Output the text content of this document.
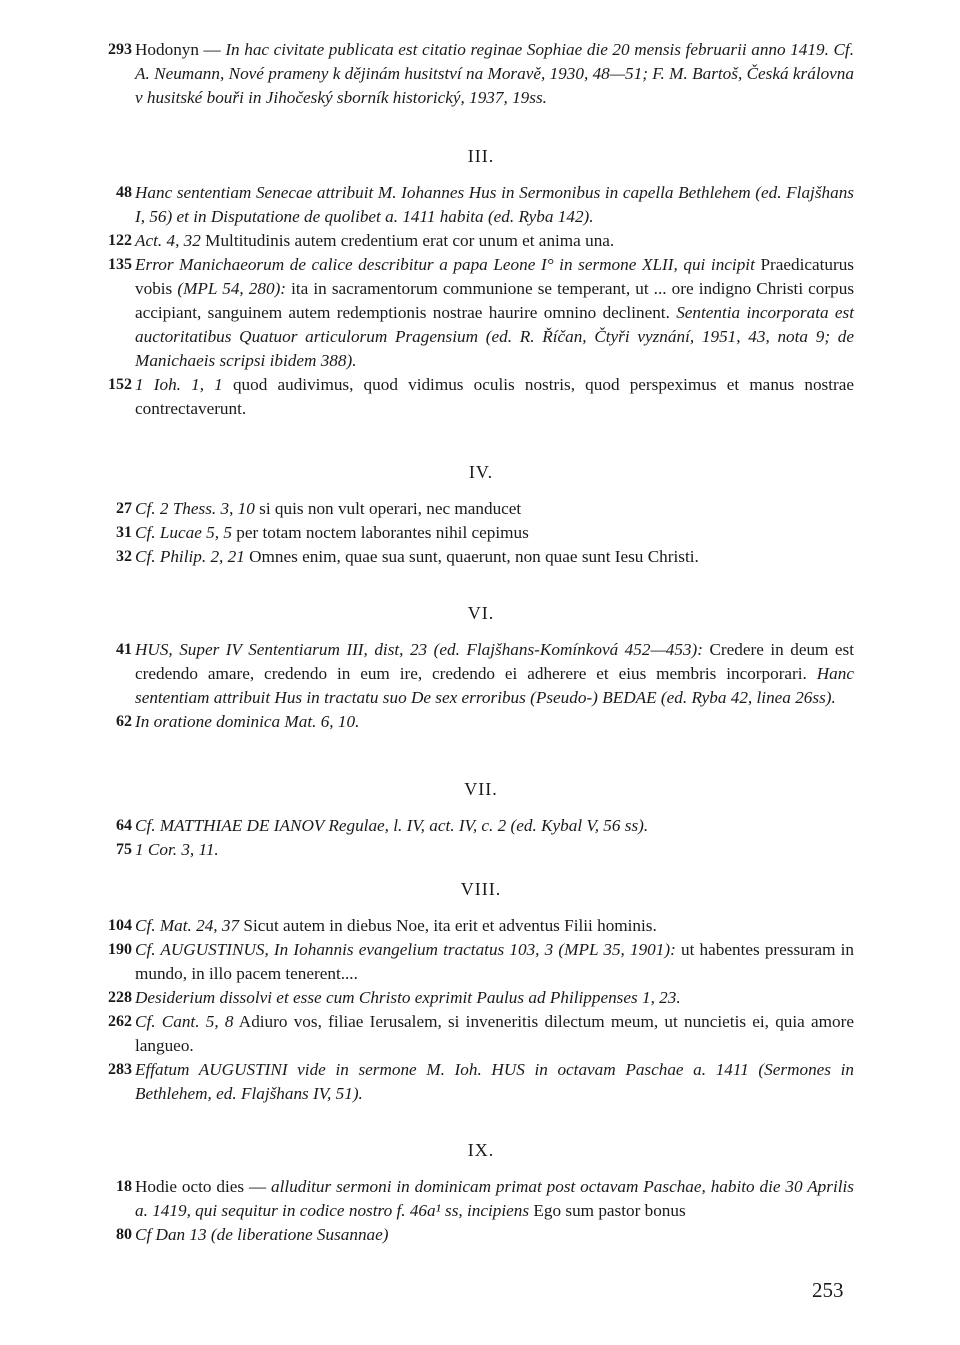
293 Hodonyn — In hac civitate publicata est citatio reginae Sophiae die 20 mensis februarii anno 1419. Cf. A. Neumann, Nové prameny k dějinám husitství na Moravě, 1930, 48—51; F. M. Bartoš, Česká královna v husitské bouři in Jihočeský sborník historický, 1937, 19ss.

III.

48 Hanc sententiam Senecae attribuit M. Iohannes Hus in Sermonibus in capella Bethlehem (ed. Flajšhans I, 56) et in Disputatione de quolibet a. 1411 habita (ed. Ryba 142).

122 Act. 4, 32 Multitudinis autem credentium erat cor unum et anima una.

135 Error Manichaeorum de calice describitur a papa Leone I° in sermone XLII, qui incipit Praedicaturus vobis (MPL 54, 280): ita in sacramentorum communione se temperant, ut ... ore indigno Christi corpus accipiant, sanguinem autem redemptionis nostrae haurire omnino declinent. Sententia incorporata est auctoritatibus Quatuor articulorum Pragensium (ed. R. Říčan, Čtyři vyznání, 1951, 43, nota 9; de Manichaeis scripsi ibidem 388).

152 1 Ioh. 1, 1 quod audivimus, quod vidimus oculis nostris, quod perspeximus et manus nostrae contrectaverunt.

IV.

27 Cf. 2 Thess. 3, 10 si quis non vult operari, nec manducet

31 Cf. Lucae 5, 5 per totam noctem laborantes nihil cepimus

32 Cf. Philip. 2, 21 Omnes enim, quae sua sunt, quaerunt, non quae sunt Iesu Christi.

VI.

41 HUS, Super IV Sententiarum III, dist, 23 (ed. Flajšhans-Komínková 452—453): Credere in deum est credendo amare, credendo in eum ire, credendo ei adherere et eius membris incorporari. Hanc sententiam attribuit Hus in tractatu suo De sex erroribus (Pseudo-) BEDAE (ed. Ryba 42, linea 26ss).

62 In oratione dominica Mat. 6, 10.

VII.

64 Cf. MATTHIAE DE IANOV Regulae, l. IV, act. IV, c. 2 (ed. Kybal V, 56 ss).

75 1 Cor. 3, 11.

VIII.

104 Cf. Mat. 24, 37 Sicut autem in diebus Noe, ita erit et adventus Filii hominis.

190 Cf. AUGUSTINUS, In Iohannis evangelium tractatus 103, 3 (MPL 35, 1901): ut habentes pressuram in mundo, in illo pacem tenerent....

228 Desiderium dissolvi et esse cum Christo exprimit Paulus ad Philippenses 1, 23.

262 Cf. Cant. 5, 8 Adiuro vos, filiae Ierusalem, si inveneritis dilectum meum, ut nuncietis ei, quia amore langueo.

283 Effatum AUGUSTINI vide in sermone M. Ioh. HUS in octavam Paschae a. 1411 (Sermones in Bethlehem, ed. Flajšhans IV, 51).

IX.

18 Hodie octo dies — alluditur sermoni in dominicam primat post octavam Paschae, habito die 30 Aprilis a. 1419, qui sequitur in codice nostro f. 46a¹ ss, incipiens Ego sum pastor bonus

80 Cf Dan 13 (de liberatione Susannae)

253
